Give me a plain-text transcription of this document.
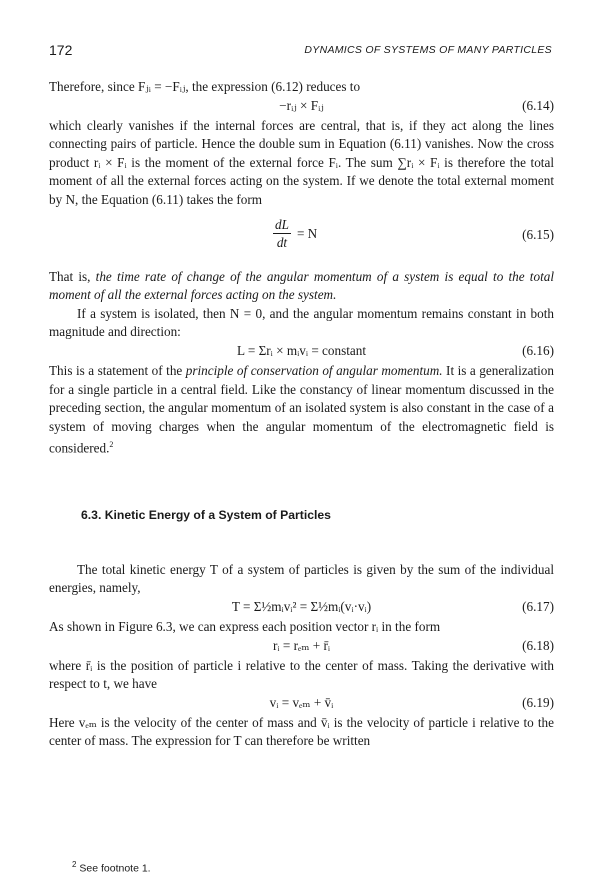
172	DYNAMICS OF SYSTEMS OF MANY PARTICLES

Therefore, since Fⱼᵢ = −Fᵢⱼ, the expression (6.12) reduces to

−rᵢⱼ × Fᵢⱼ	(6.14)

which clearly vanishes if the internal forces are central, that is, if they act along the lines connecting pairs of particle. Hence the double sum in Equation (6.11) vanishes. Now the cross product rᵢ × Fᵢ is the moment of the external force Fᵢ. The sum ∑rᵢ × Fᵢ is therefore the total moment of all the external forces acting on the system. If we denote the total external moment by N, the Equation (6.11) takes the form

$\frac{dL}{dt} = N$	(6.15)

That is, the time rate of change of the angular momentum of a system is equal to the total moment of all the external forces acting on the system.

If a system is isolated, then N = 0, and the angular momentum remains constant in both magnitude and direction:

L = Σrᵢ × mᵢvᵢ = constant	(6.16)

This is a statement of the principle of conservation of angular momentum. It is a generalization for a single particle in a central field. Like the constancy of linear momentum discussed in the preceding section, the angular momentum of an isolated system is also constant in the case of a system of moving charges when the angular momentum of the electromagnetic field is considered.$^2$

6.3. Kinetic Energy of a System of Particles

The total kinetic energy T of a system of particles is given by the sum of the individual energies, namely,

T = Σ½mᵢvᵢ² = Σ½mᵢ(vᵢ·vᵢ)	(6.17)

As shown in Figure 6.3, we can express each position vector rᵢ in the form

rᵢ = rₑₘ + r̄ᵢ	(6.18)

where r̄ᵢ is the position of particle i relative to the center of mass. Taking the derivative with respect to t, we have

vᵢ = vₑₘ + v̄ᵢ	(6.19)

Here vₑₘ is the velocity of the center of mass and v̄ᵢ is the velocity of particle i relative to the center of mass. The expression for T can therefore be written

$^2$ See footnote 1.
